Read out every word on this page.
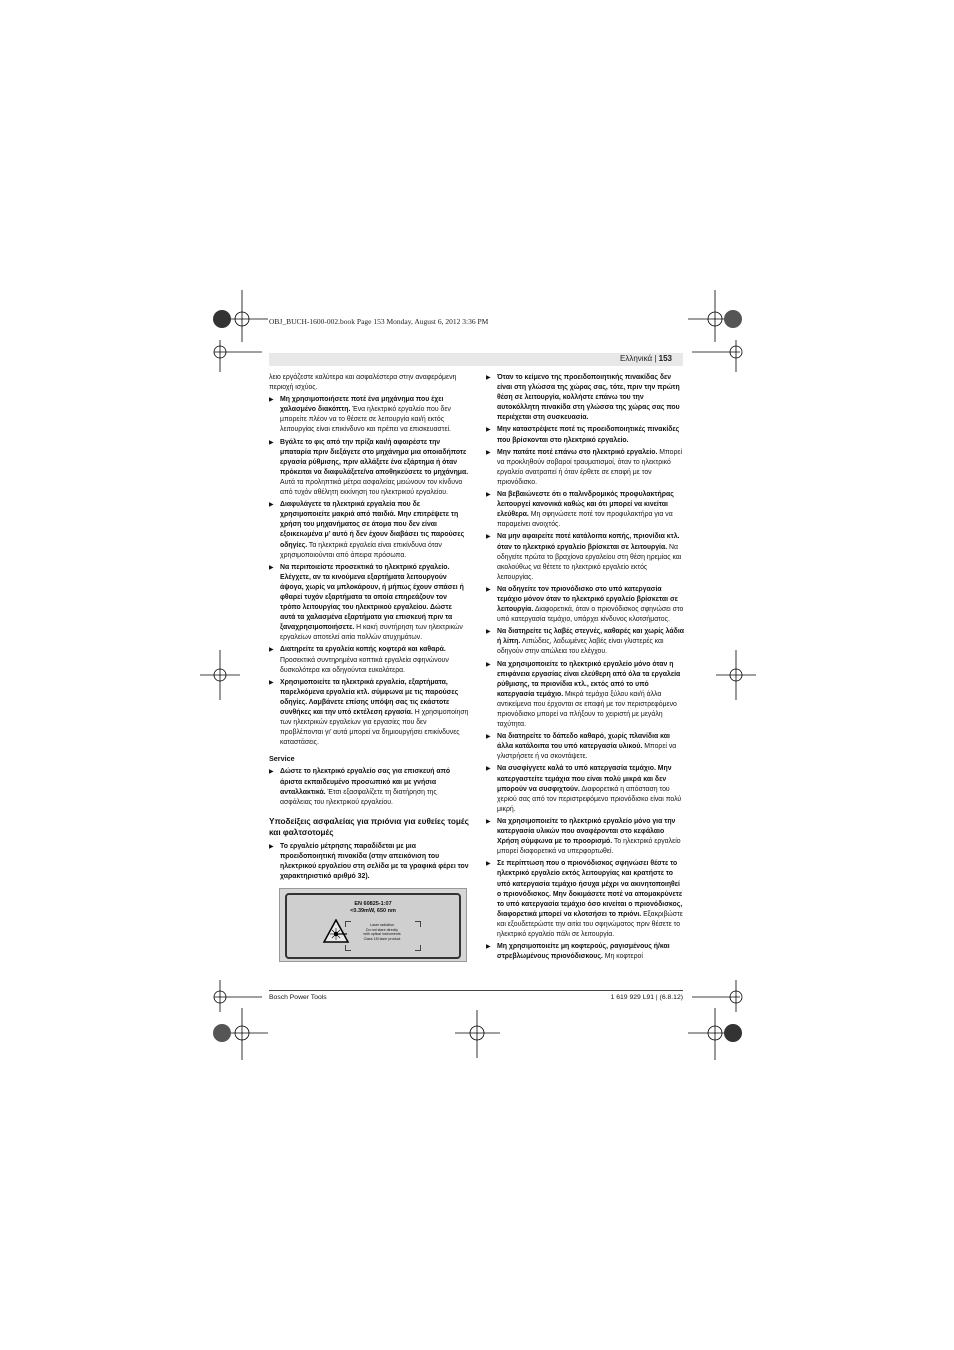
OBJ_BUCH-1600-002.book Page 153 Monday, August 6, 2012 3:36 PM
Ελληνικά | 153
λειο εργάζεστε καλύτερα και ασφαλέστερα στην αναφερόμενη περιοχή ισχύος.
▶ Μη χρησιμοποιήσετε ποτέ ένα μηχάνημα που έχει χαλασμένο διακόπτη. Ένα ηλεκτρικό εργαλείο που δεν μπορείτε πλέον να το θέσετε σε λειτουργία και/ή εκτός λειτουργίας είναι επικίνδυνο και πρέπει να επισκευαστεί.
▶ Βγάλτε το φις από την πρίζα και/ή αφαιρέστε την μπαταρία πριν διεξάγετε στο μηχάνημα μια οποιαδήποτε εργασία ρύθμισης, πριν αλλάξετε ένα εξάρτημα ή όταν πρόκειται να διαφυλάξετε/να αποθηκεύσετε το μηχάνημα. Αυτά τα προληπτικά μέτρα ασφαλείας μειώνουν τον κίνδυνο από τυχόν αθέλητη εκκίνηση του ηλεκτρικού εργαλείου.
▶ Διαφυλάγετε τα ηλεκτρικά εργαλεία που δε χρησιμοποιείτε μακριά από παιδιά. Μην επιτρέψετε τη χρήση του μηχανήματος σε άτομα που δεν είναι εξοικειωμένα μ’ αυτό ή δεν έχουν διαβάσει τις παρούσες οδηγίες. Τα ηλεκτρικά εργαλεία είναι επικίνδυνα όταν χρησιμοποιούνται από άπειρα πρόσωπα.
▶ Να περιποιείστε προσεκτικά το ηλεκτρικό εργαλείο. Ελέγχετε, αν τα κινούμενα εξαρτήματα λειτουργούν άψογα, χωρίς να μπλοκάρουν, ή μήπως έχουν σπάσει ή φθαρεί τυχόν εξαρτήματα τα οποία επηρεάζουν τον τρόπο λειτουργίας του ηλεκτρικού εργαλείου. Δώστε αυτά τα χαλασμένα εξαρτήματα για επισκευή πριν τα ξαναχρησιμοποιήσετε. Η κακή συντήρηση των ηλεκτρικών εργαλείων αποτελεί αιτία πολλών ατυχημάτων.
▶ Διατηρείτε τα εργαλεία κοπής κοφτερά και καθαρά. Προσεκτικά συντηρημένα κοπτικά εργαλεία σφηνώνουν δυσκολότερα και οδηγούνται ευκολότερα.
▶ Χρησιμοποιείτε τα ηλεκτρικά εργαλεία, εξαρτήματα, παρελκόμενα εργαλεία κτλ. σύμφωνα με τις παρούσες οδηγίες. Λαμβάνετε επίσης υπόψη σας τις εκάστοτε συνθήκες και την υπό εκτέλεση εργασία. Η χρησιμοποίηση των ηλεκτρικών εργαλείων για εργασίες που δεν προβλέπονται γι’ αυτά μπορεί να δημιουργήσει επικίνδυνες καταστάσεις.
Service
▶ Δώστε το ηλεκτρικό εργαλείο σας για επισκευή από άριστα εκπαιδευμένο προσωπικό και με γνήσια ανταλλακτικά. Έτσι εξασφαλίζετε τη διατήρηση της ασφάλειας του ηλεκτρικού εργαλείου.
Υποδείξεις ασφαλείας για πριόνια για ευθείες τομές και φαλτσοτομές
▶ Το εργαλείο μέτρησης παραδίδεται με μια προειδοποιητική πινακίδα (στην απεικόνιση του ηλεκτρικού εργαλείου στη σελίδα με τα γραφικά φέρει τον χαρακτηριστικό αριθμό 32).
EN 60825-1:07
<0.39mW, 650 nm
Laser radiation
Do not stare directly
with optical instruments
Class 1M laser product
▶ Όταν το κείμενο της προειδοποιητικής πινακίδας δεν είναι στη γλώσσα της χώρας σας, τότε, πριν την πρώτη θέση σε λειτουργία, κολλήστε επάνω του την αυτοκόλλητη πινακίδα στη γλώσσα της χώρας σας που περιέχεται στη συσκευασία.
▶ Μην καταστρέψετε ποτέ τις προειδοποιητικές πινακίδες που βρίσκονται στο ηλεκτρικό εργαλείο.
▶ Μην πατάτε ποτέ επάνω στο ηλεκτρικό εργαλείο. Μπορεί να προκληθούν σοβαροί τραυματισμοί, όταν το ηλεκτρικό εργαλείο ανατραπεί ή όταν έρθετε σε επαφή με τον πριονόδισκο.
▶ Να βεβαιώνεστε ότι ο παλινδρομικός προφυλακτήρας λειτουργεί κανονικά καθώς και ότι μπορεί να κινείται ελεύθερα. Μη σφηνώσετε ποτέ τον προφυλακτήρα για να παραμείνει ανοιχτός.
▶ Να μην αφαιρείτε ποτέ κατάλοιπα κοπής, πριονίδια κτλ. όταν το ηλεκτρικό εργαλείο βρίσκεται σε λειτουργία. Να οδηγείτε πρώτα το βραχίονα εργαλείου στη θέση ηρεμίας και ακολούθως να θέτετε το ηλεκτρικό εργαλείο εκτός λειτουργίας.
▶ Να οδηγείτε τον πριονόδισκο στο υπό κατεργασία τεμάχιο μόνον όταν το ηλεκτρικό εργαλείο βρίσκεται σε λειτουργία. Διαφορετικά, όταν ο πριονόδισκος σφηνώσει στο υπό κατεργασία τεμάχιο, υπάρχει κίνδυνος κλοτσήματος.
▶ Να διατηρείτε τις λαβές στεγνές, καθαρές και χωρίς λάδια ή λίπη. Λιπώδεις, λαδωμένες λαβές είναι γλιστερές και οδηγούν στην απώλεια του ελέγχου.
▶ Να χρησιμοποιείτε το ηλεκτρικό εργαλείο μόνο όταν η επιφάνεια εργασίας είναι ελεύθερη από όλα τα εργαλεία ρύθμισης, τα πριονίδια κτλ., εκτός από το υπό κατεργασία τεμάχιο. Μικρά τεμάχια ξύλου και/ή άλλα αντικείμενα που έρχονται σε επαφή με τον περιστρεφόμενο πριονόδισκο μπορεί να πλήξουν το χειριστή με μεγάλη ταχύτητα.
▶ Να διατηρείτε το δάπεδο καθαρό, χωρίς πλανίδια και άλλα κατάλοιπα του υπό κατεργασία υλικού. Μπορεί να γλιστρήσετε ή να σκοντάψετε.
▶ Να συσφίγγετε καλά το υπό κατεργασία τεμάχιο. Μην κατεργαστείτε τεμάχια που είναι πολύ μικρά και δεν μπορούν να συσφιχτούν. Διαφορετικά η απόσταση του χεριού σας από τον περιστρεφόμενο πριονόδισκο είναι πολύ μικρή.
▶ Να χρησιμοποιείτε το ηλεκτρικό εργαλείο μόνο για την κατεργασία υλικών που αναφέρονται στο κεφάλαιο Χρήση σύμφωνα με το προορισμό. Το ηλεκτρικό εργαλείο μπορεί διαφορετικά να υπερφορτωθεί.
▶ Σε περίπτωση που ο πριονόδισκος σφηνώσει θέστε το ηλεκτρικό εργαλείο εκτός λειτουργίας και κρατήστε το υπό κατεργασία τεμάχιο ήσυχα μέχρι να ακινητοποιηθεί ο πριονόδισκος. Μην δοκιμάσετε ποτέ να απομακρύνετε το υπό κατεργασία τεμάχιο όσο κινείται ο πριονόδισκος, διαφορετικά μπορεί να κλοτσήσει το πριόνι. Εξακριβώστε και εξουδετερώστε την αιτία του σφηνώματος πριν θέσετε το ηλεκτρικό εργαλείο πάλι σε λειτουργία.
▶ Μη χρησιμοποιείτε μη κοφτερούς, ραγισμένους ή/και στρεβλωμένους πριονόδισκους. Μη κοφτεροί
Bosch Power Tools	1 619 929 L91 | (6.8.12)
